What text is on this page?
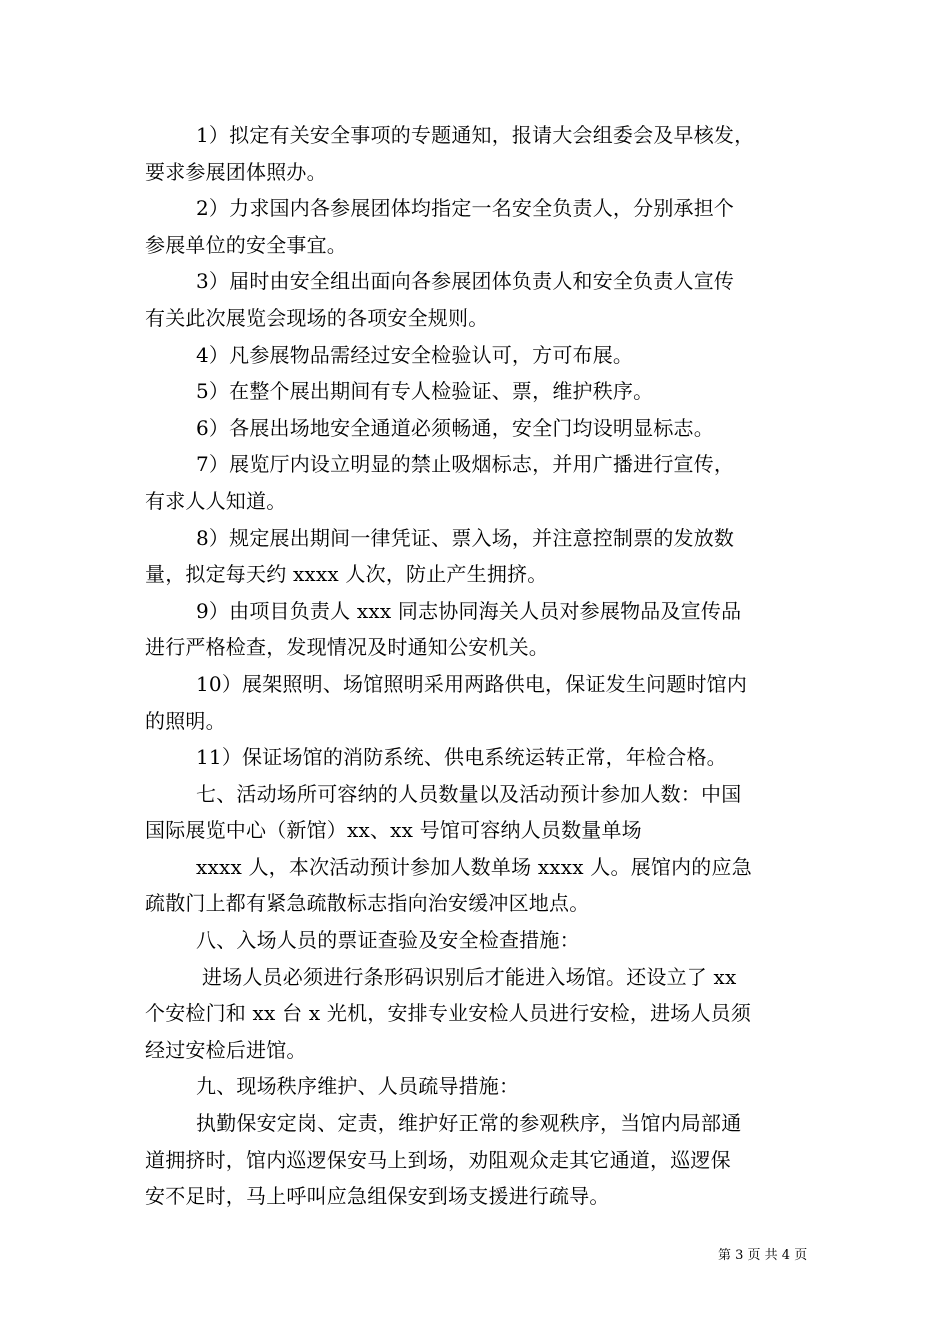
1）拟定有关安全事项的专题通知，报请大会组委会及早核发，
要求参展团体照办。
2）力求国内各参展团体均指定一名安全负责人，分别承担个
参展单位的安全事宜。
3）届时由安全组出面向各参展团体负责人和安全负责人宣传
有关此次展览会现场的各项安全规则。
4）凡参展物品需经过安全检验认可，方可布展。
5）在整个展出期间有专人检验证、票，维护秩序。
6）各展出场地安全通道必须畅通，安全门均设明显标志。
7）展览厅内设立明显的禁止吸烟标志，并用广播进行宣传，
有求人人知道。
8）规定展出期间一律凭证、票入场，并注意控制票的发放数
量，拟定每天约 xxxx 人次，防止产生拥挤。
9）由项目负责人 xxx 同志协同海关人员对参展物品及宣传品
进行严格检查，发现情况及时通知公安机关。
10）展架照明、场馆照明采用两路供电，保证发生问题时馆内
的照明。
11）保证场馆的消防系统、供电系统运转正常，年检合格。
七、活动场所可容纳的人员数量以及活动预计参加人数：中国
国际展览中心（新馆）xx、xx 号馆可容纳人员数量单场
xxxx 人，本次活动预计参加人数单场 xxxx 人。展馆内的应急
疏散门上都有紧急疏散标志指向治安缓冲区地点。
八、入场人员的票证查验及安全检查措施：
进场人员必须进行条形码识别后才能进入场馆。还设立了 xx
个安检门和 xx 台 x 光机，安排专业安检人员进行安检，进场人员须
经过安检后进馆。
九、现场秩序维护、人员疏导措施：
执勤保安定岗、定责，维护好正常的参观秩序，当馆内局部通
道拥挤时，馆内巡逻保安马上到场，劝阻观众走其它通道，巡逻保
安不足时，马上呼叫应急组保安到场支援进行疏导。
第 3 页 共 4 页
